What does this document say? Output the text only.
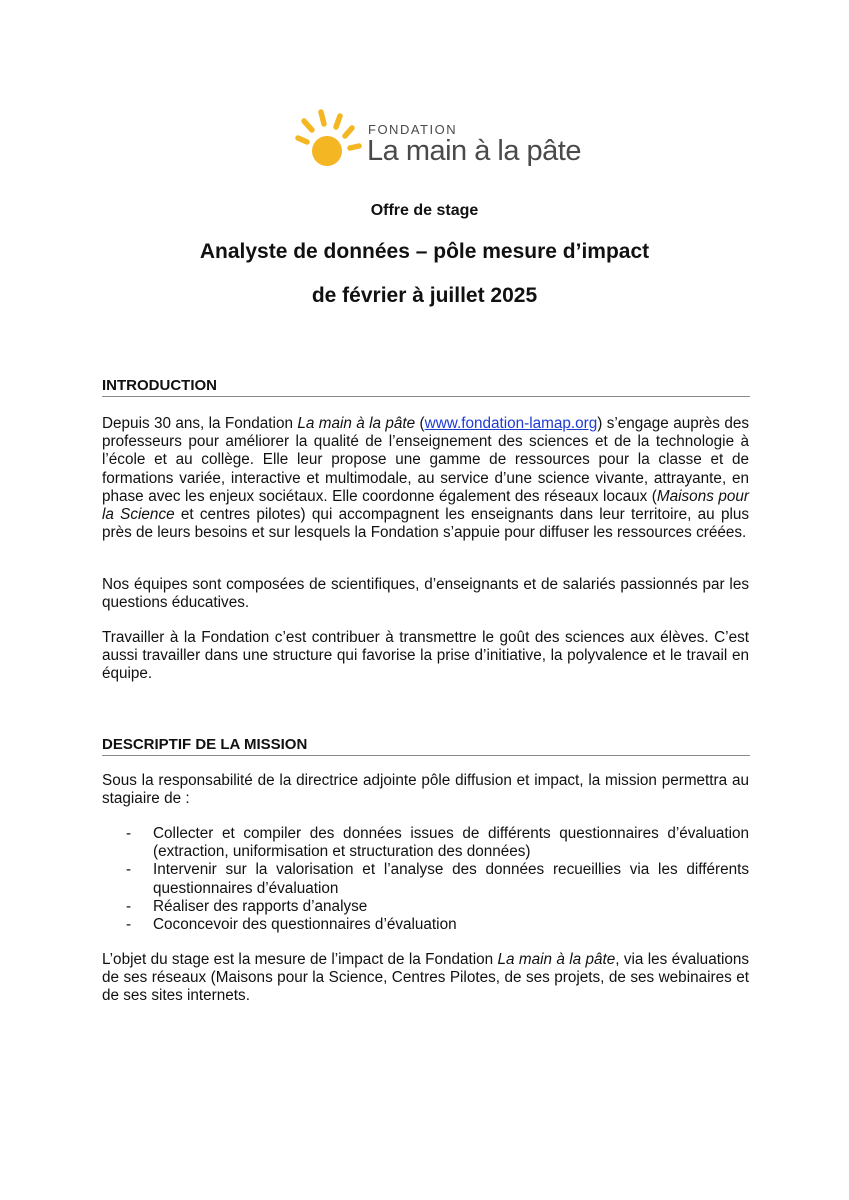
FONDATION
La main à la pâte
Offre de stage
Analyste de données – pôle mesure d’impact
de février à juillet 2025
INTRODUCTION

Depuis 30 ans, la Fondation La main à la pâte (www.fondation-lamap.org) s’engage auprès des professeurs pour améliorer la qualité de l’enseignement des sciences et de la technologie à l’école et au collège. Elle leur propose une gamme de ressources pour la classe et de formations variée, interactive et multimodale, au service d’une science vivante, attrayante, en phase avec les enjeux sociétaux. Elle coordonne également des réseaux locaux (Maisons pour la Science et centres pilotes) qui accompagnent les enseignants dans leur territoire, au plus près de leurs besoins et sur lesquels la Fondation s’appuie pour diffuser les ressources créées.

Nos équipes sont composées de scientifiques, d’enseignants et de salariés passionnés par les questions éducatives.

Travailler à la Fondation c’est contribuer à transmettre le goût des sciences aux élèves. C’est aussi travailler dans une structure qui favorise la prise d’initiative, la polyvalence et le travail en équipe.

DESCRIPTIF DE LA MISSION

Sous la responsabilité de la directrice adjointe pôle diffusion et impact, la mission permettra au stagiaire de :

- Collecter et compiler des données issues de différents questionnaires d’évaluation (extraction, uniformisation et structuration des données)
- Intervenir sur la valorisation et l’analyse des données recueillies via les différents questionnaires d’évaluation
- Réaliser des rapports d’analyse
- Coconcevoir des questionnaires d’évaluation

L’objet du stage est la mesure de l’impact de la Fondation La main à la pâte, via les évaluations de ses réseaux (Maisons pour la Science, Centres Pilotes, de ses projets, de ses webinaires et de ses sites internets.
